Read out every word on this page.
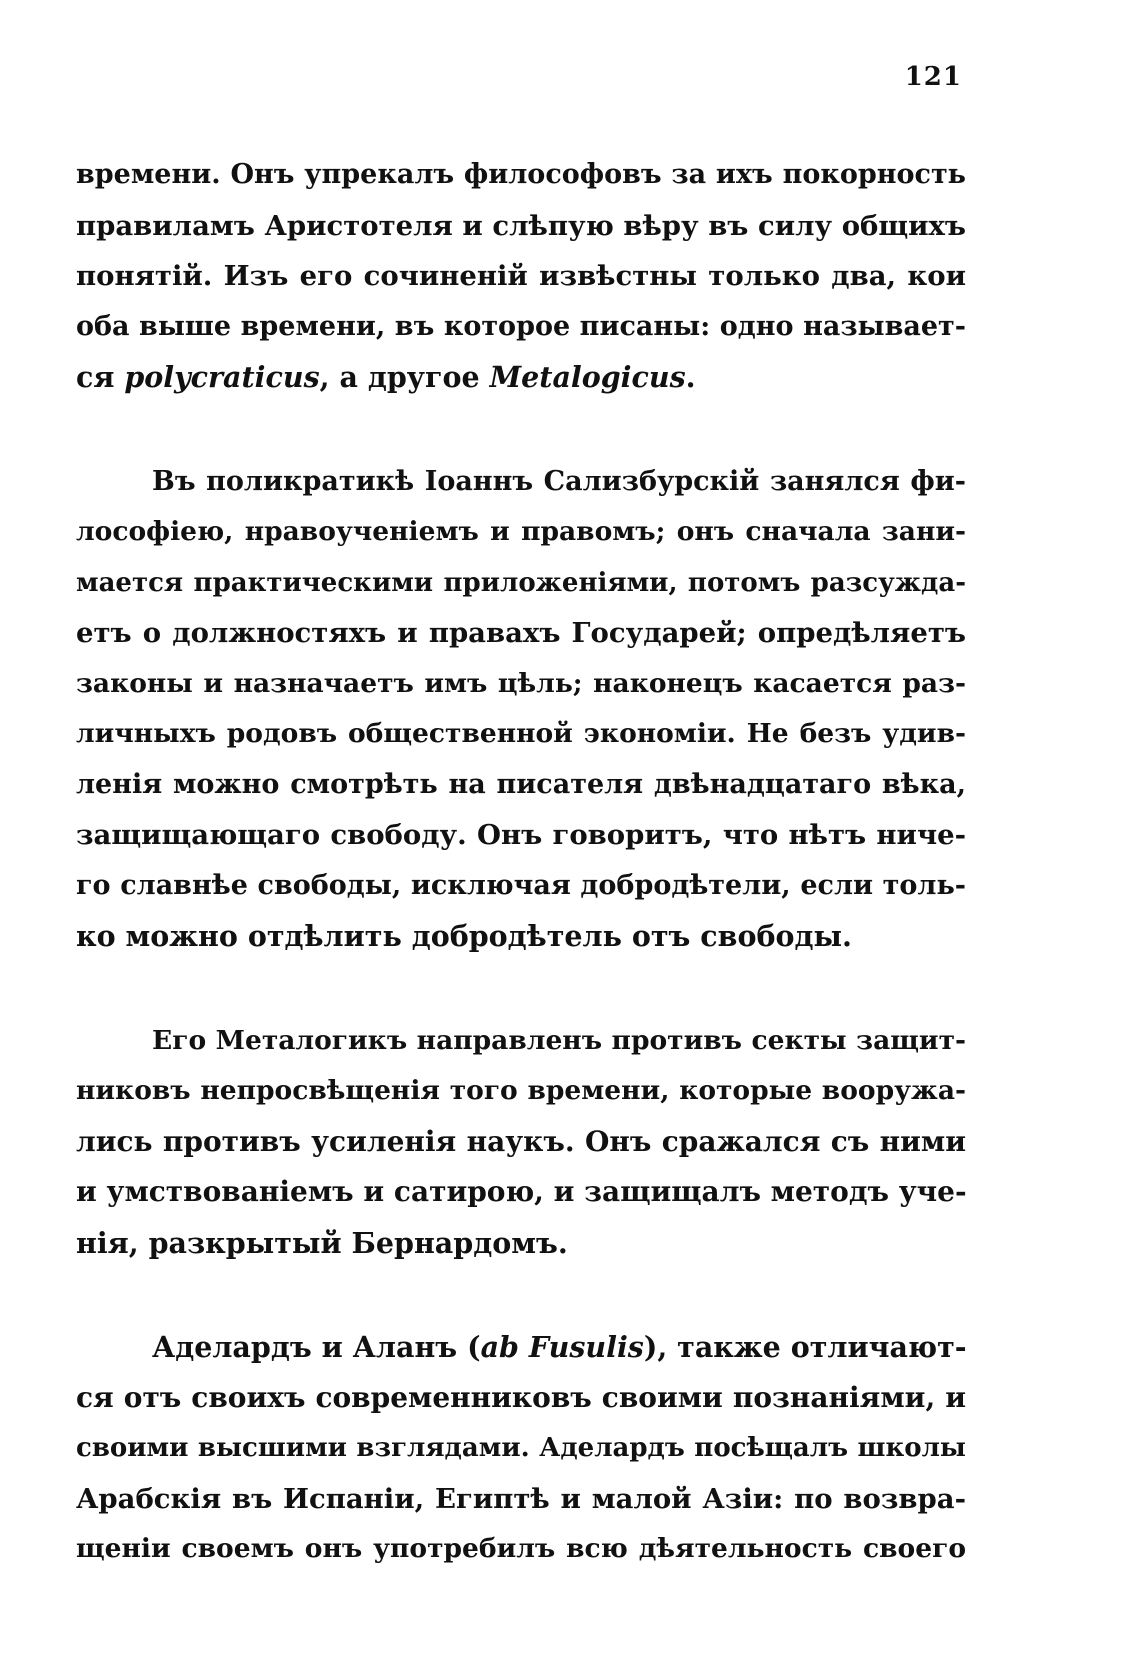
121
времени. Онъ упрекалъ философовъ за ихъ покорность
правиламъ Аристотеля и слѣпую вѣру въ силу общихъ
понятій. Изъ его сочиненій извѣстны только два, кои
оба выше времени, въ которое писаны: одно называет-
ся polycraticus, а другое Metalogicus.
Въ поликратикѣ Іоаннъ Сализбурскій занялся фи-
лософіею, нравоученіемъ и правомъ; онъ сначала зани-
мается практическими приложеніями, потомъ разсужда-
етъ о должностяхъ и правахъ Государей; опредѣляетъ
законы и назначаетъ имъ цѣль; наконецъ касается раз-
личныхъ родовъ общественной экономіи. Не безъ удив-
ленія можно смотрѣть на писателя двѣнадцатаго вѣка,
защищающаго свободу. Онъ говоритъ, что нѣтъ ниче-
го славнѣе свободы, исключая добродѣтели, если толь-
ко можно отдѣлить добродѣтель отъ свободы.
Его Металогикъ направленъ противъ секты защит-
никовъ непросвѣщенія того времени, которые вооружа-
лись противъ усиленія наукъ. Онъ сражался съ ними
и умствованіемъ и сатирою, и защищалъ методъ уче-
нія, разкрытый Бернардомъ.
Аделардъ и Аланъ (ab Fusulis), также отличают-
ся отъ своихъ современниковъ своими познаніями, и
своими высшими взглядами. Аделардъ посѣщалъ школы
Арабскія въ Испаніи, Египтѣ и малой Азіи: по возвра-
щеніи своемъ онъ употребилъ всю дѣятельность своего
